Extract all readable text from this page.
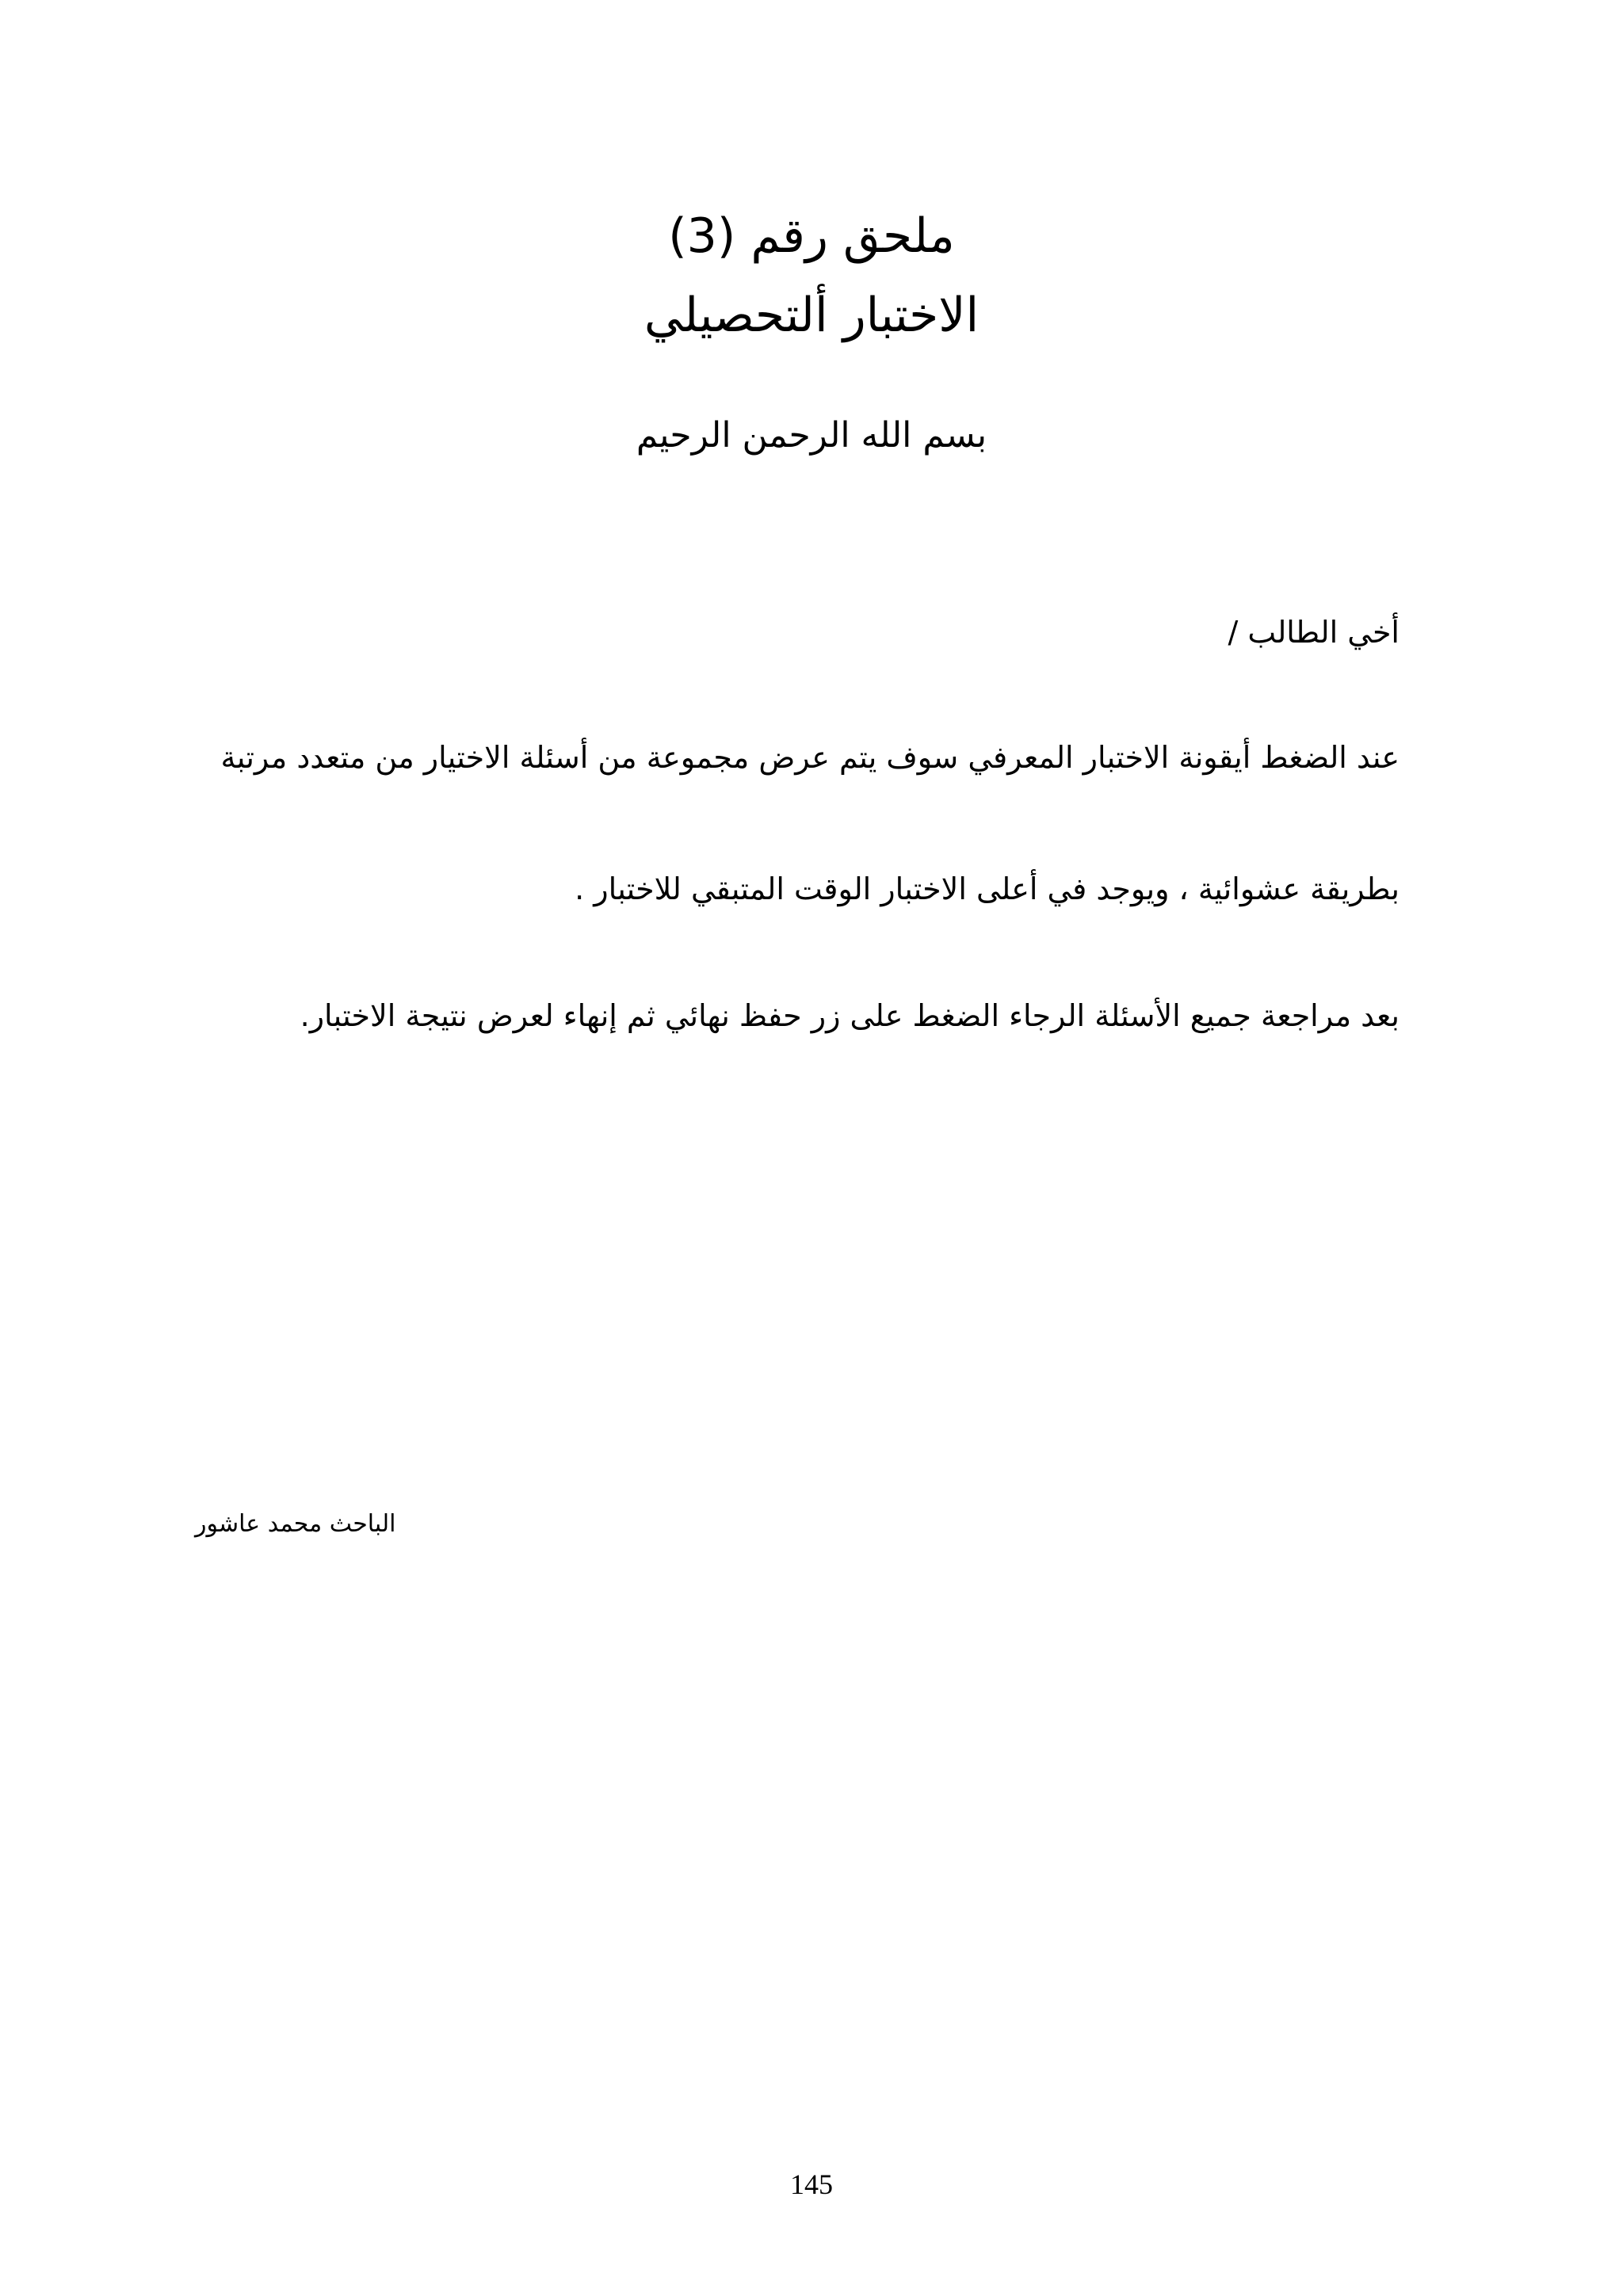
ملحق رقم (3)
الاختبار ألتحصيلي
بسم الله الرحمن الرحيم
أخي الطالب /
عند الضغط أيقونة الاختبار المعرفي سوف يتم عرض مجموعة من أسئلة الاختيار من متعدد مرتبة
بطريقة عشوائية ، ويوجد في أعلى الاختبار الوقت المتبقي للاختبار .
بعد مراجعة جميع الأسئلة الرجاء الضغط على زر حفظ نهائي ثم إنهاء لعرض نتيجة الاختبار.
الباحث محمد عاشور
145
